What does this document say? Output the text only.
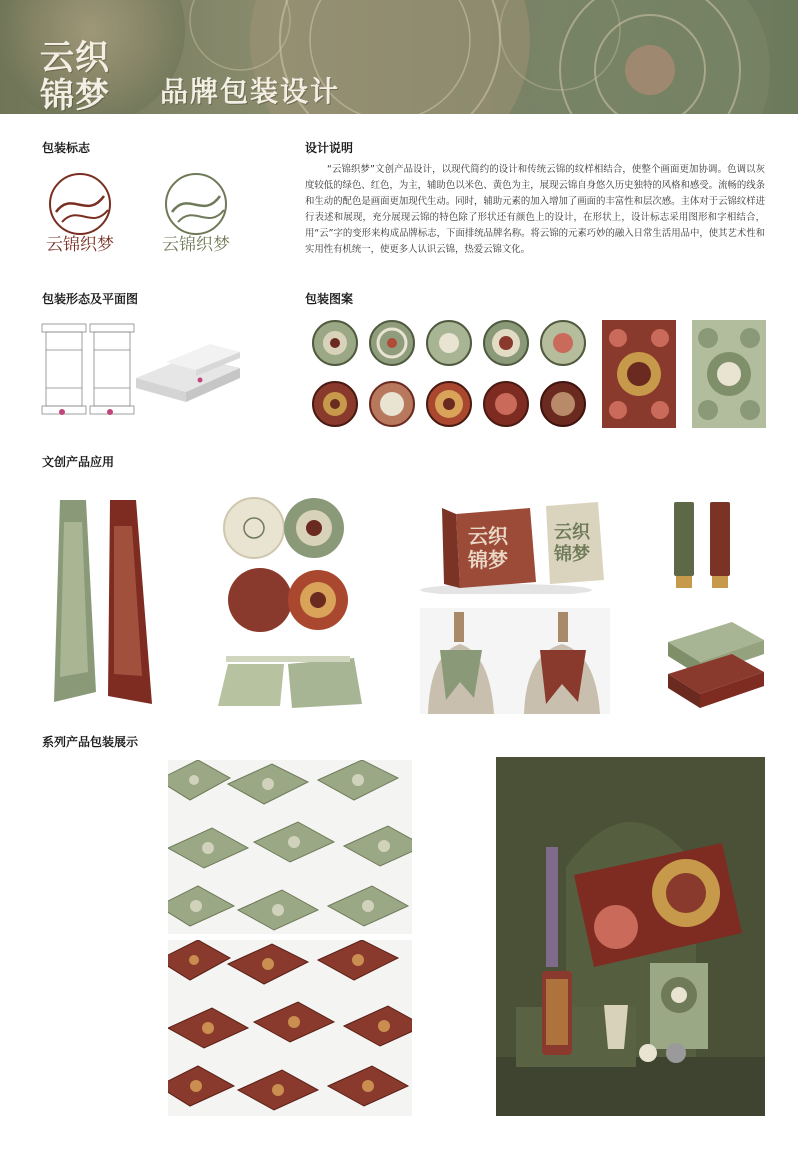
云织
锦梦 品牌包装设计
包装标志	设计说明
包装形态及平面图	包装图案
文创产品应用
系列产品包装展示
“云锦织梦”文创产品设计，以现代简约的设计和传统云锦的纹样相结合，使整个画面更加协调。色调以灰度较低的绿色、红色，为主，辅助色以米色、黄色为主，展现云锦自身悠久历史独特的风格和感受。流畅的线条和生动的配色是画面更加现代生动。同时，辅助元素的加入增加了画面的丰富性和层次感。主体对于云锦纹样进行表述和展现，充分展现云锦的特色除了形状还有颜色上的设计，在形状上，设计标志采用图形和字相结合，用“云”字的变形来构成品牌标志，下面排统品牌名称。将云锦的元素巧妙的融入日常生活用品中，使其艺术性和实用性有机统一，使更多人认识云锦，热爱云锦文化。
云锦织梦	云锦织梦
云织
锦梦
云织
锦梦
